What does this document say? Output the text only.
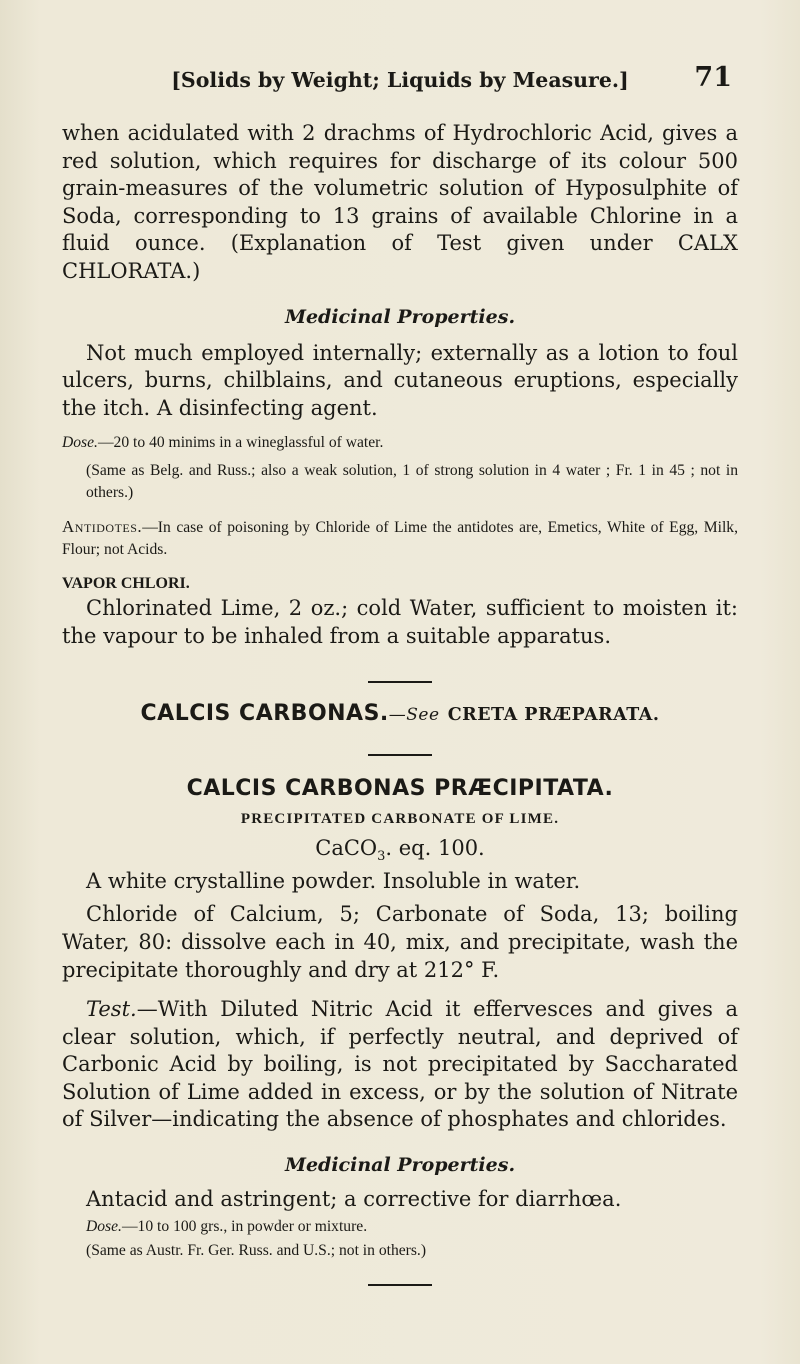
[Solids by Weight; Liquids by Measure.]	71

when acidulated with 2 drachms of Hydrochloric Acid, gives a red solution, which requires for discharge of its colour 500 grain-measures of the volumetric solution of Hyposulphite of Soda, corresponding to 13 grains of available Chlorine in a fluid ounce. (Explanation of Test given under CALX CHLORATA.)

Medicinal Properties.

Not much employed internally; externally as a lotion to foul ulcers, burns, chilblains, and cutaneous eruptions, especially the itch. A disinfecting agent.

Dose.—20 to 40 minims in a wineglassful of water.

(Same as Belg. and Russ.; also a weak solution, 1 of strong solution in 4 water ; Fr. 1 in 45 ; not in others.)

Antidotes.—In case of poisoning by Chloride of Lime the antidotes are, Emetics, White of Egg, Milk, Flour; not Acids.

VAPOR CHLORI.

Chlorinated Lime, 2 oz.; cold Water, sufficient to moisten it: the vapour to be inhaled from a suitable apparatus.

CALCIS CARBONAS.—See CRETA PRÆPARATA.

CALCIS CARBONAS PRÆCIPITATA.

PRECIPITATED CARBONATE OF LIME.

CaCO$_3$. eq. 100.

A white crystalline powder. Insoluble in water.

Chloride of Calcium, 5; Carbonate of Soda, 13; boiling Water, 80: dissolve each in 40, mix, and precipitate, wash the precipitate thoroughly and dry at 212° F.

Test.—With Diluted Nitric Acid it effervesces and gives a clear solution, which, if perfectly neutral, and deprived of Carbonic Acid by boiling, is not precipitated by Saccharated Solution of Lime added in excess, or by the solution of Nitrate of Silver—indicating the absence of phosphates and chlorides.

Medicinal Properties.

Antacid and astringent; a corrective for diarrhœa.

Dose.—10 to 100 grs., in powder or mixture.

(Same as Austr. Fr. Ger. Russ. and U.S.; not in others.)
